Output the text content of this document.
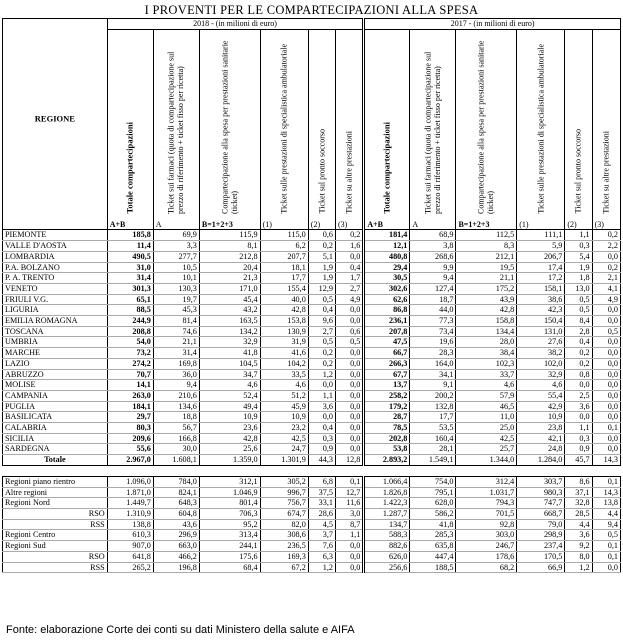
I PROVENTI PER LE COMPARTECIPAZIONI ALLA SPESA
REGIONE	2018 - (in milioni di euro)						2017 - (in milioni di euro)					

	Totale compartecipazioni	Ticket sui farmaci (quota di compartecipazione sul prezzo di riferimento + ticket fisso per ricetta)	Compartecipazione alla spesa per prestazioni sanitarie (ticket)	Ticket sulle prestazioni di specialistica ambulatoriale	Ticket sul pronto soccorso	Ticket su altre prestazioni	Totale compartecipazioni	Ticket sui farmaci (quota di compartecipazione sul prezzo di riferimento + ticket fisso per ricetta)	Compartecipazione alla spesa per prestazioni sanitarie (ticket)	Ticket sulle prestazioni di specialistica ambulatoriale	Ticket sul pronto soccorso	Ticket su altre prestazioni

	A+B	A	B=1+2+3	(1)	(2)	(3)	A+B	A	B=1+2+3	(1)	(2)	(3)
PIEMONTE	185,8	69,9	115,9	115,0	0,6	0,2	181,4	68,9	112,5	111,1	1,1	0,2
VALLE D'AOSTA	11,4	3,3	8,1	6,2	0,2	1,6	12,1	3,8	8,3	5,9	0,3	2,2
LOMBARDIA	490,5	277,7	212,8	207,7	5,1	0,0	480,8	268,6	212,1	206,7	5,4	0,0
P.A. BOLZANO	31,0	10,5	20,4	18,1	1,9	0,4	29,4	9,9	19,5	17,4	1,9	0,2
P. A. TRENTO	31,4	10,1	21,3	17,7	1,9	1,7	30,5	9,4	21,1	17,2	1,8	2,1
VENETO	301,3	130,3	171,0	155,4	12,9	2,7	302,6	127,4	175,2	158,1	13,0	4,1
FRIULI V.G.	65,1	19,7	45,4	40,0	0,5	4,9	62,6	18,7	43,9	38,6	0,5	4,9
LIGURIA	88,5	45,3	43,2	42,8	0,4	0,0	86,8	44,0	42,8	42,3	0,5	0,0
EMILIA ROMAGNA	244,9	81,4	163,5	153,8	9,6	0,0	236,1	77,3	158,8	150,4	8,4	0,0
TOSCANA	208,8	74,6	134,2	130,9	2,7	0,6	207,8	73,4	134,4	131,0	2,8	0,5
UMBRIA	54,0	21,1	32,9	31,9	0,5	0,5	47,5	19,6	28,0	27,6	0,4	0,0
MARCHE	73,2	31,4	41,8	41,6	0,2	0,0	66,7	28,3	38,4	38,2	0,2	0,0
LAZIO	274,2	169,8	104,5	104,2	0,2	0,0	266,3	164,0	102,3	102,0	0,2	0,0
ABRUZZO	70,7	36,0	34,7	33,5	1,2	0,0	67,7	34,1	33,7	32,9	0,8	0,0
MOLISE	14,1	9,4	4,6	4,6	0,0	0,0	13,7	9,1	4,6	4,6	0,0	0,0
CAMPANIA	263,0	210,6	52,4	51,2	1,1	0,0	258,2	200,2	57,9	55,4	2,5	0,0
PUGLIA	184,1	134,6	49,4	45,9	3,6	0,0	179,2	132,8	46,5	42,9	3,6	0,0
BASILICATA	29,7	18,8	10,9	10,9	0,0	0,0	28,7	17,7	11,0	10,9	0,0	0,0
CALABRIA	80,3	56,7	23,6	23,2	0,4	0,0	78,5	53,5	25,0	23,8	1,1	0,1
SICILIA	209,6	166,8	42,8	42,5	0,3	0,0	202,8	160,4	42,5	42,1	0,3	0,0
SARDEGNA	55,6	30,0	25,6	24,7	0,9	0,0	53,8	28,1	25,7	24,8	0,9	0,0
Totale	2.967,0	1.608,1	1.359,0	1.301,9	44,3	12,8	2.893,2	1.549,1	1.344,0	1.284,0	45,7	14,3

Regioni piano rientro	1.096,0	784,0	312,1	305,2	6,8	0,1	1.066,4	754,0	312,4	303,7	8,6	0,1
Altre regioni	1.871,0	824,1	1.046,9	996,7	37,5	12,7	1.826,8	795,1	1.031,7	980,3	37,1	14,3
Regioni Nord	1.449,7	648,3	801,4	756,7	33,1	11,6	1.422,3	628,0	794,3	747,7	32,8	13,8
RSO	1.310,9	604,8	706,3	674,7	28,6	3,0	1.287,7	586,2	701,5	668,7	28,5	4,4
RSS	138,8	43,6	95,2	82,0	4,5	8,7	134,7	41,8	92,8	79,0	4,4	9,4
Regioni Centro	610,3	296,9	313,4	308,6	3,7	1,1	588,3	285,3	303,0	298,9	3,6	0,5
Regioni Sud	907,0	663,0	244,1	236,5	7,6	0,0	882,6	635,8	246,7	237,4	9,2	0,1
RSO	641,8	466,2	175,6	169,3	6,3	0,0	626,0	447,4	178,6	170,5	8,0	0,1
RSS	265,2	196,8	68,4	67,2	1,2	0,0	256,6	188,5	68,2	66,9	1,2	0,0
Fonte: elaborazione Corte dei conti su dati Ministero della salute e AIFA
